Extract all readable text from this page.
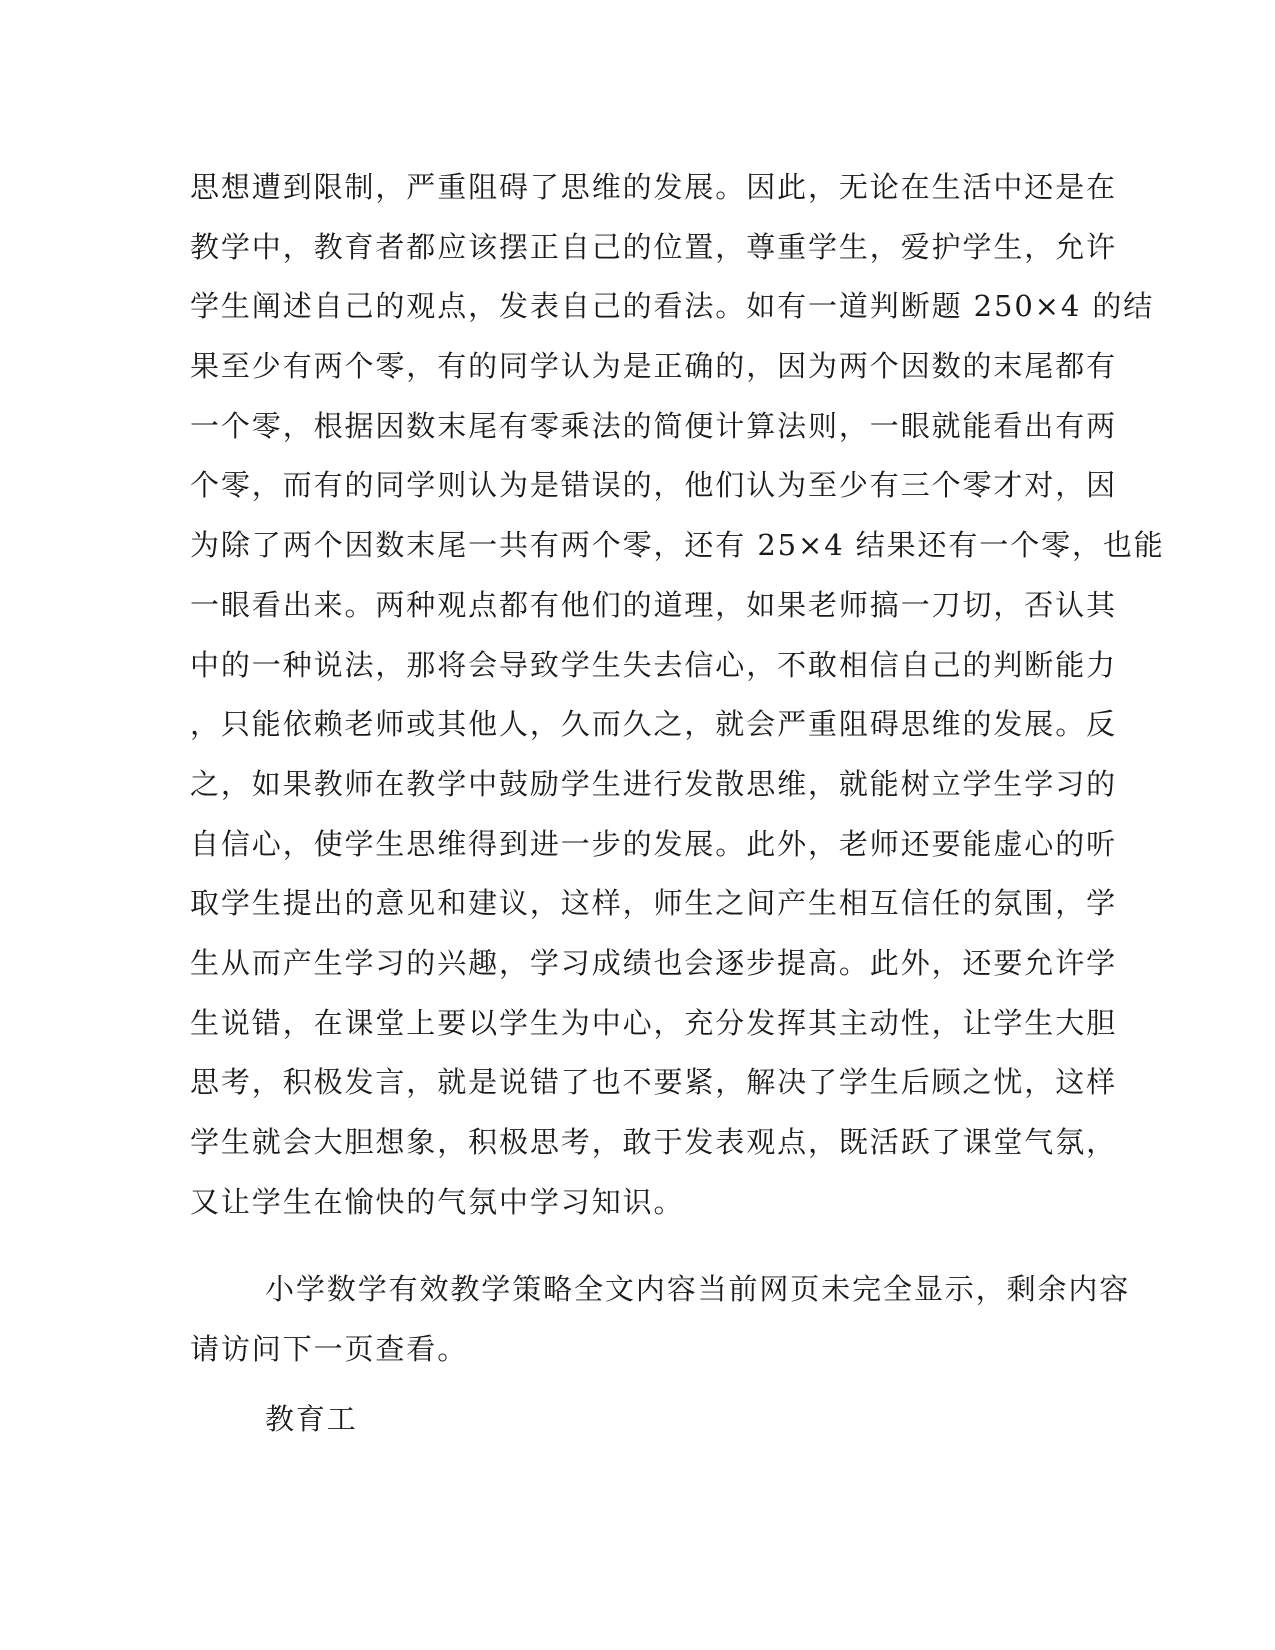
思想遭到限制，严重阻碍了思维的发展。因此，无论在生活中还是在
教学中，教育者都应该摆正自己的位置，尊重学生，爱护学生，允许
学生阐述自己的观点，发表自己的看法。如有一道判断题 250×4 的结
果至少有两个零，有的同学认为是正确的，因为两个因数的末尾都有
一个零，根据因数末尾有零乘法的简便计算法则，一眼就能看出有两
个零，而有的同学则认为是错误的，他们认为至少有三个零才对，因
为除了两个因数末尾一共有两个零，还有 25×4 结果还有一个零，也能
一眼看出来。两种观点都有他们的道理，如果老师搞一刀切，否认其
中的一种说法，那将会导致学生失去信心，不敢相信自己的判断能力
，只能依赖老师或其他人，久而久之，就会严重阻碍思维的发展。反
之，如果教师在教学中鼓励学生进行发散思维，就能树立学生学习的
自信心，使学生思维得到进一步的发展。此外，老师还要能虚心的听
取学生提出的意见和建议，这样，师生之间产生相互信任的氛围，学
生从而产生学习的兴趣，学习成绩也会逐步提高。此外，还要允许学
生说错，在课堂上要以学生为中心，充分发挥其主动性，让学生大胆
思考，积极发言，就是说错了也不要紧，解决了学生后顾之忧，这样
学生就会大胆想象，积极思考，敢于发表观点，既活跃了课堂气氛，
又让学生在愉快的气氛中学习知识。
小学数学有效教学策略全文内容当前网页未完全显示，剩余内容
请访问下一页查看。
教育工
